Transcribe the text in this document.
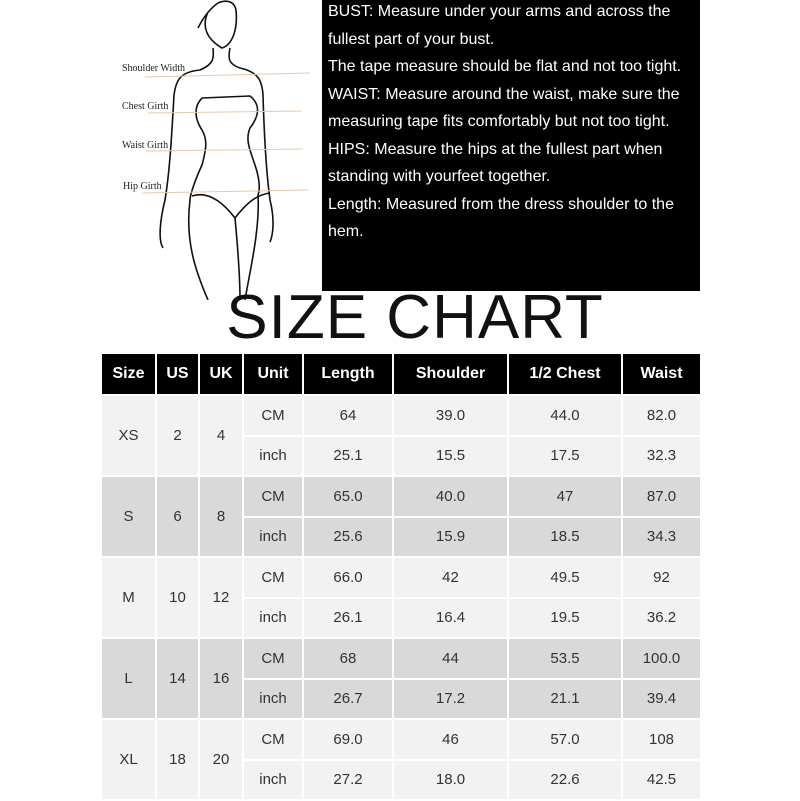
Shoulder Width
Chest Girth
Waist Girth
Hip Girth
BUST: Measure under your arms and across the fullest part of your bust.
The tape measure should be flat and not too tight.
WAIST: Measure around the waist, make sure the measuring tape fits comfortably but not too tight.
HIPS: Measure the hips at the fullest part when standing with yourfeet together.
Length: Measured from the dress shoulder to the hem.
SIZE CHART
Size	US	UK	Unit	Length	Shoulder	1/2 Chest	Waist
XS	2	4	CM	64	39.0	44.0	82.0
			inch	25.1	15.5	17.5	32.3
S	6	8	CM	65.0	40.0	47	87.0
			inch	25.6	15.9	18.5	34.3
M	10	12	CM	66.0	42	49.5	92
			inch	26.1	16.4	19.5	36.2
L	14	16	CM	68	44	53.5	100.0
			inch	26.7	17.2	21.1	39.4
XL	18	20	CM	69.0	46	57.0	108
			inch	27.2	18.0	22.6	42.5
